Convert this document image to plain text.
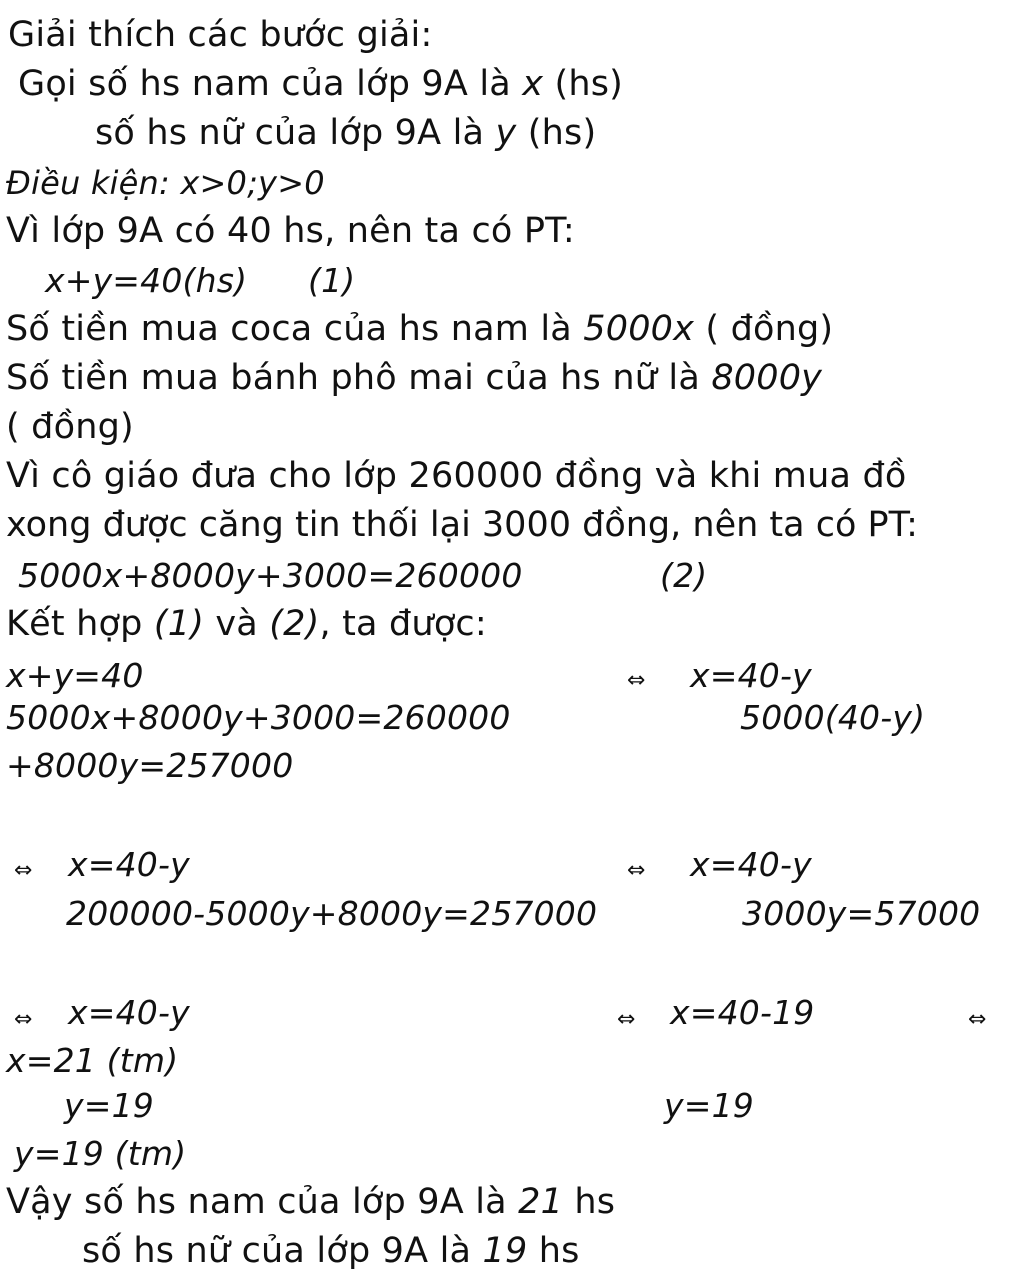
Giải thích các bước giải:
Gọi số hs nam của lớp 9A là x (hs)
số hs nữ của lớp 9A là y (hs)
Điều kiện: x>0;y>0
Vì lớp 9A có 40 hs, nên ta có PT:
x+y=40(hs) (1)
Số tiền mua coca của hs nam là 5000x ( đồng)
Số tiền mua bánh phô mai của hs nữ là 8000y
( đồng)
Vì cô giáo đưa cho lớp 260000 đồng và khi mua đồ
xong được căng tin thối lại 3000 đồng, nên ta có PT:
5000x+8000y+3000=260000	(2)
Kết hợp (1) và (2), ta được:
x+y=40	⇔ x=40-y
5000x+8000y+3000=260000	5000(40-y)
+8000y=257000
⇔ x=40-y	⇔ x=40-y
200000-5000y+8000y=257000	3000y=57000
⇔ x=40-y	⇔ x=40-19	⇔
x=21 (tm)
y=19	y=19
y=19 (tm)
Vậy số hs nam của lớp 9A là 21 hs
số hs nữ của lớp 9A là 19 hs
